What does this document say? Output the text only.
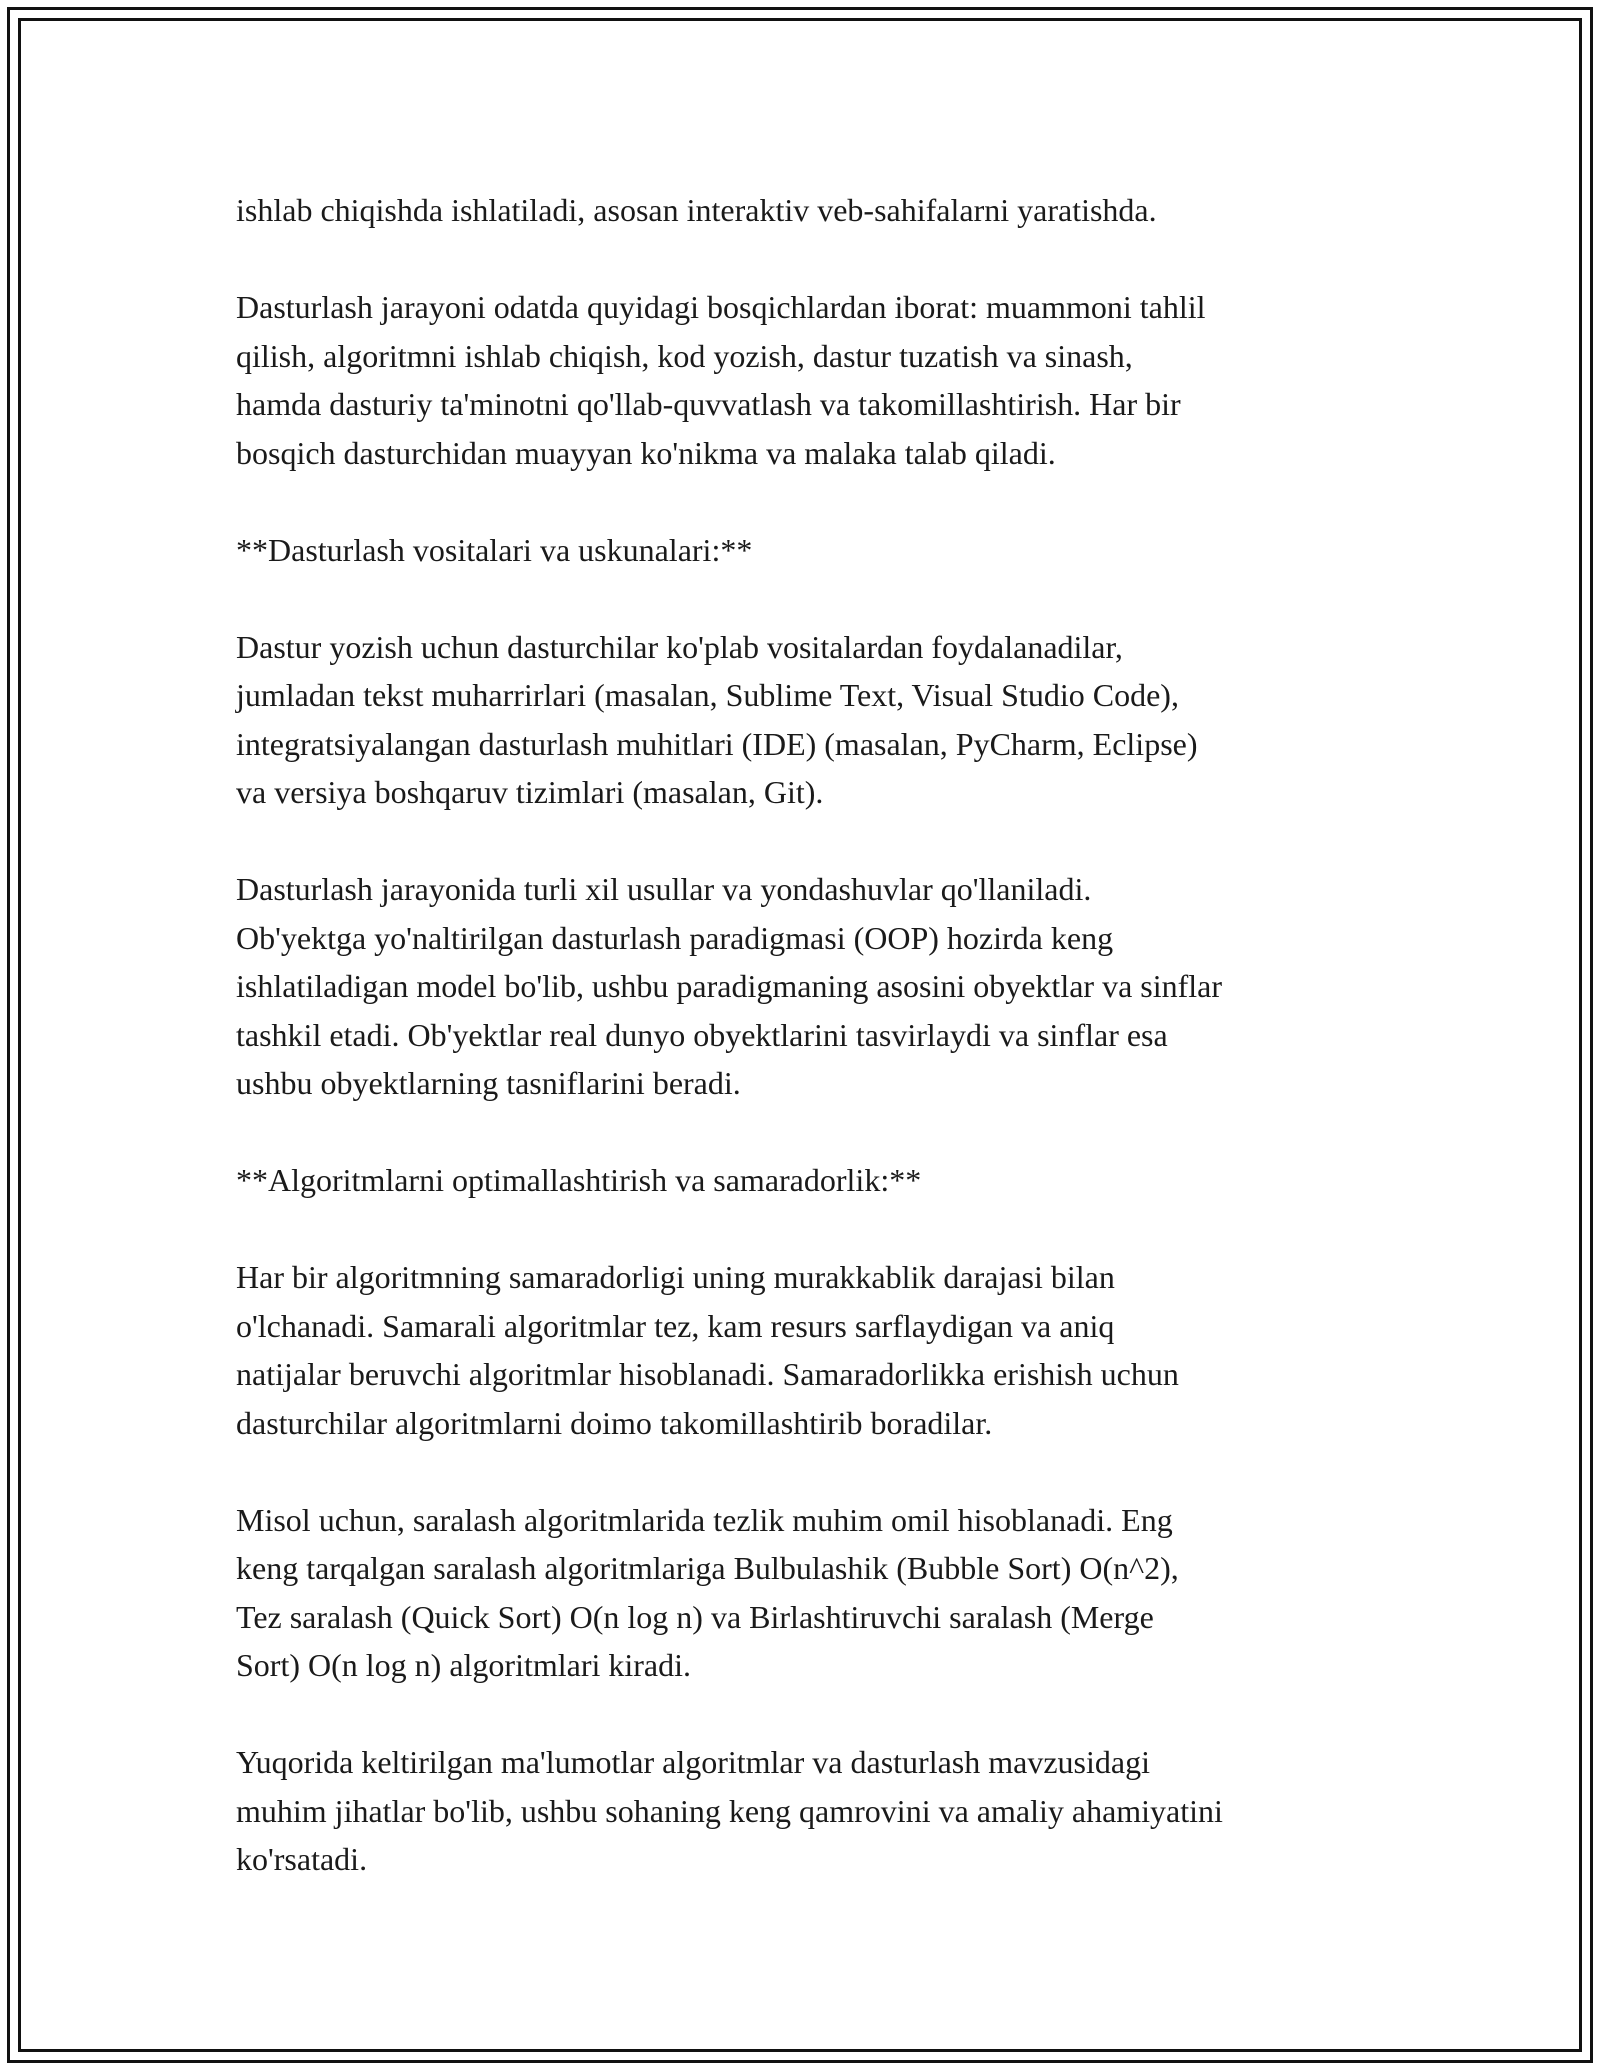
ishlab chiqishda ishlatiladi, asosan interaktiv veb-sahifalarni yaratishda.

Dasturlash jarayoni odatda quyidagi bosqichlardan iborat: muammoni tahlil
qilish, algoritmni ishlab chiqish, kod yozish, dastur tuzatish va sinash,
hamda dasturiy ta'minotni qo'llab-quvvatlash va takomillashtirish. Har bir
bosqich dasturchidan muayyan ko'nikma va malaka talab qiladi.

**Dasturlash vositalari va uskunalari:**

Dastur yozish uchun dasturchilar ko'plab vositalardan foydalanadilar,
jumladan tekst muharrirlari (masalan, Sublime Text, Visual Studio Code),
integratsiyalangan dasturlash muhitlari (IDE) (masalan, PyCharm, Eclipse)
va versiya boshqaruv tizimlari (masalan, Git).

Dasturlash jarayonida turli xil usullar va yondashuvlar qo'llaniladi.
Ob'yektga yo'naltirilgan dasturlash paradigmasi (OOP) hozirda keng
ishlatiladigan model bo'lib, ushbu paradigmaning asosini obyektlar va sinflar
tashkil etadi. Ob'yektlar real dunyo obyektlarini tasvirlaydi va sinflar esa
ushbu obyektlarning tasniflarini beradi.

**Algoritmlarni optimallashtirish va samaradorlik:**

Har bir algoritmning samaradorligi uning murakkablik darajasi bilan
o'lchanadi. Samarali algoritmlar tez, kam resurs sarflaydigan va aniq
natijalar beruvchi algoritmlar hisoblanadi. Samaradorlikka erishish uchun
dasturchilar algoritmlarni doimo takomillashtirib boradilar.

Misol uchun, saralash algoritmlarida tezlik muhim omil hisoblanadi. Eng
keng tarqalgan saralash algoritmlariga Bulbulashik (Bubble Sort) O(n^2),
Tez saralash (Quick Sort) O(n log n) va Birlashtiruvchi saralash (Merge
Sort) O(n log n) algoritmlari kiradi.

Yuqorida keltirilgan ma'lumotlar algoritmlar va dasturlash mavzusidagi
muhim jihatlar bo'lib, ushbu sohaning keng qamrovini va amaliy ahamiyatini
ko'rsatadi.
